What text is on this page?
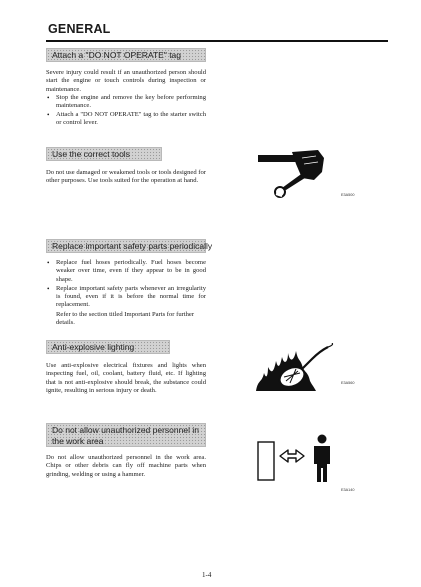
GENERAL
Attach a "DO NOT OPERATE" tag

Severe injury could result if an unauthorized person should start the engine or touch controls during inspection or maintenance.

• Stop the engine and remove the key before performing maintenance.
• Attach a "DO NOT OPERATE" tag to the starter switch or control lever.
Use the correct tools

Do not use damaged or weakened tools or tools designed for other purposes. Use tools suited for the operation at hand.

E3A500
Replace important safety parts periodically
• Replace fuel hoses periodically. Fuel hoses become weaker over time, even if they appear to be in good shape.
• Replace important safety parts whenever an irregularity is found, even if it is before the normal time for replacement.

Refer to the section titled Important Parts for further details.

Anti-explosive lighting

Use anti-explosive electrical fixtures and lights when inspecting fuel, oil, coolant, battery fluid, etc. If lighting that is not anti-explosive should break, the substance could ignite, resulting in serious injury or death.

E3A560
Do not allow unauthorized personnel in the work area

Do not allow unauthorized personnel in the work area. Chips or other debris can fly off machine parts when grinding, welding or using a hammer.

E3A140
1-4
